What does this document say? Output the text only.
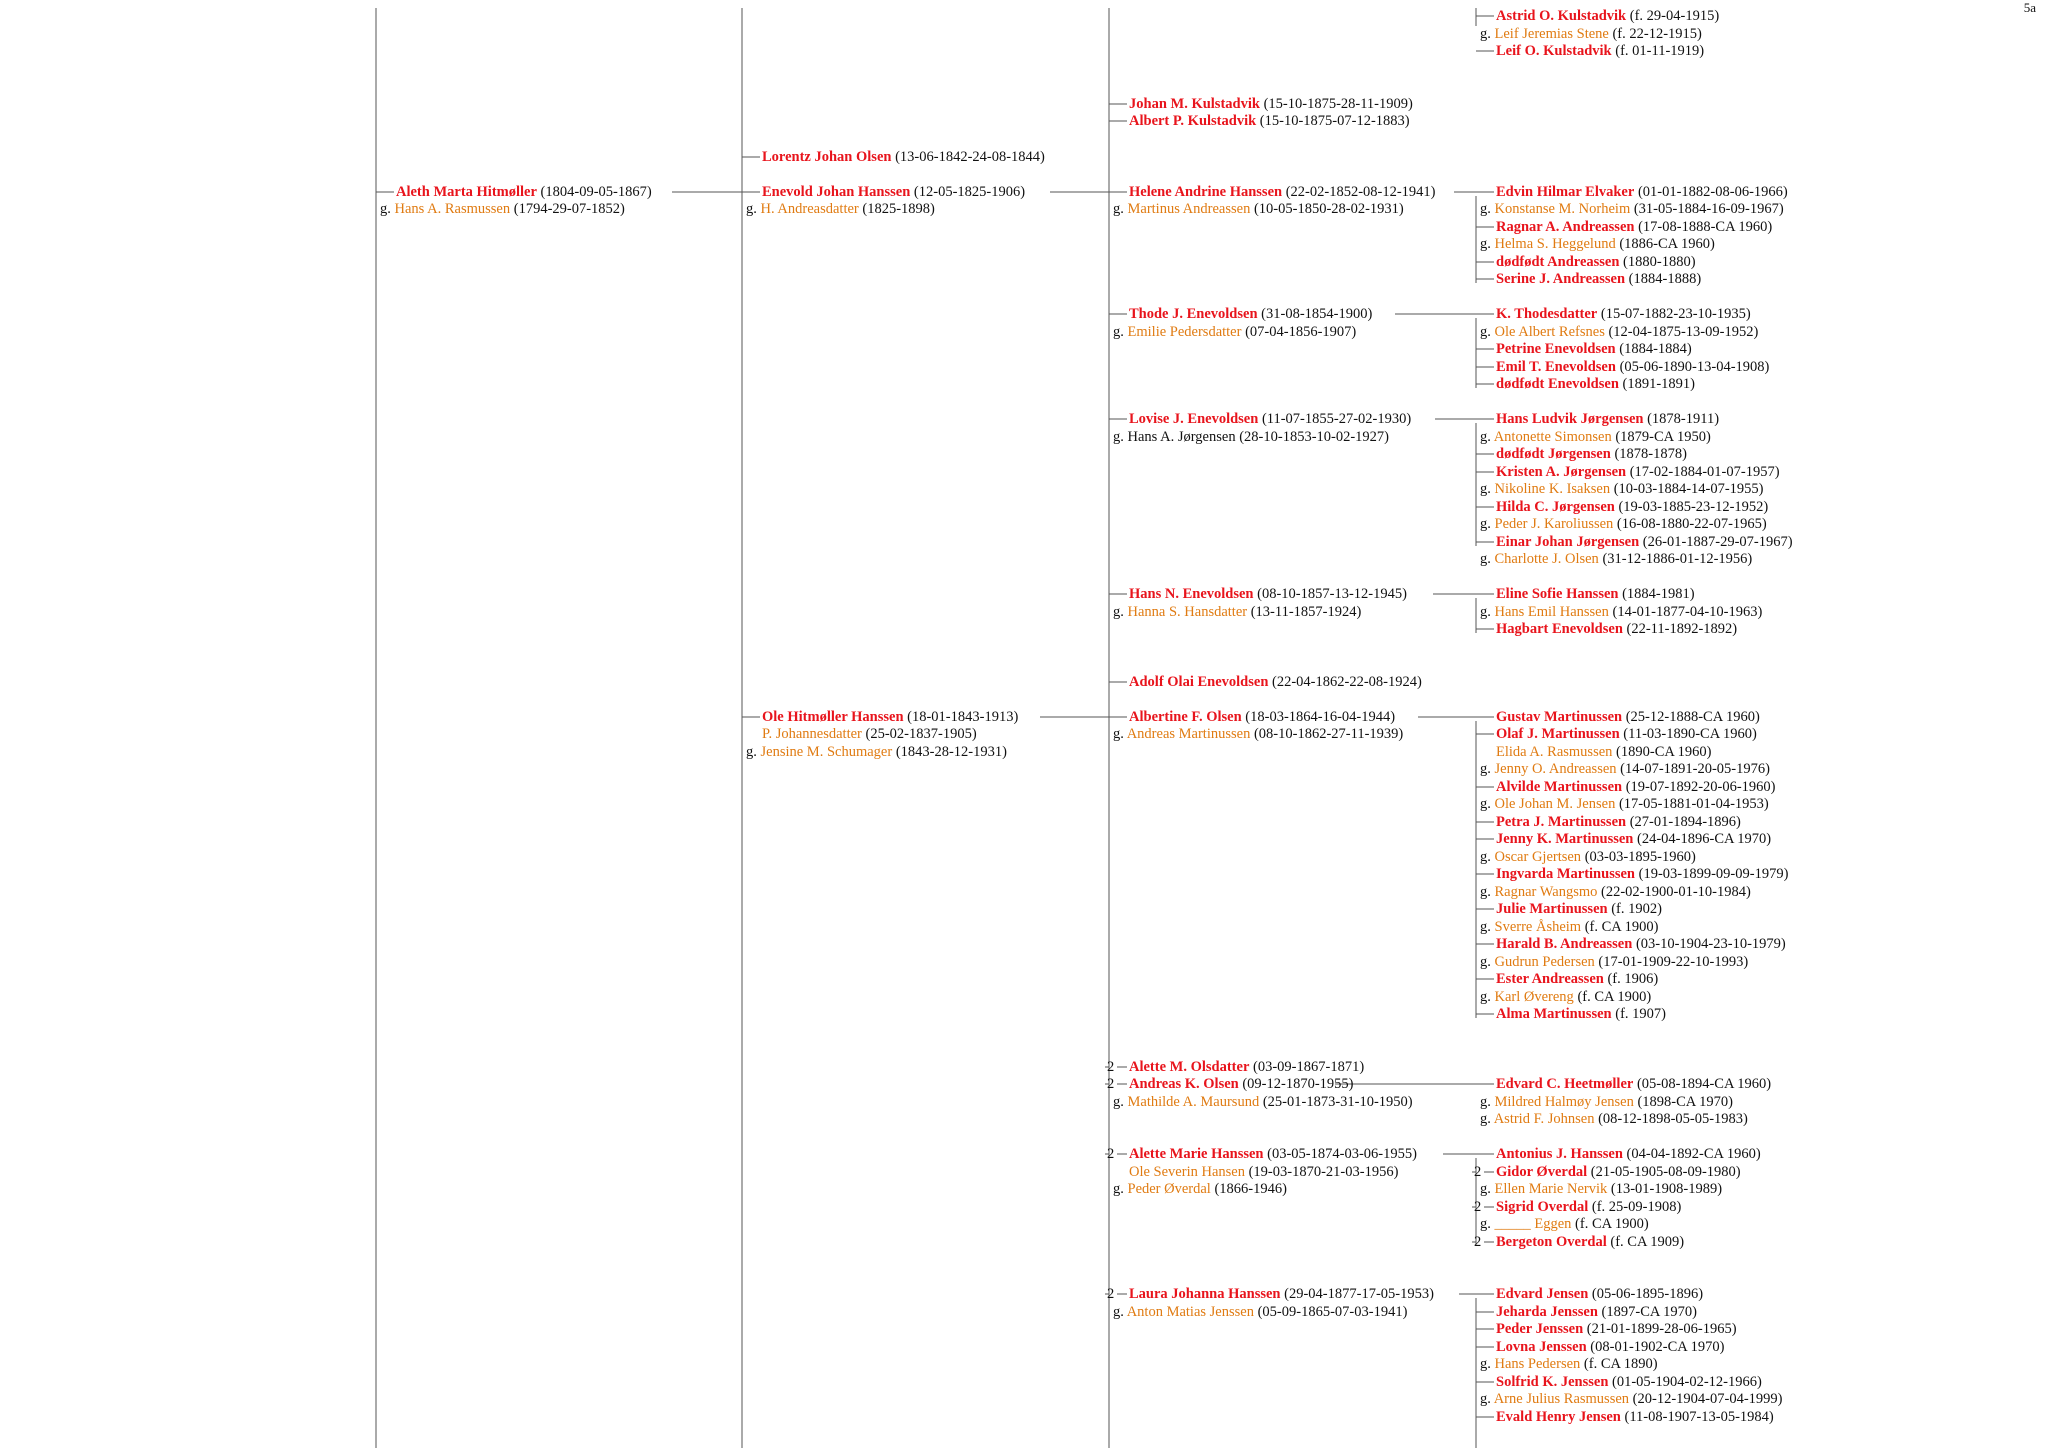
Astrid O. Kulstadvik (f. 29-04-1915)
g. Leif Jeremias Stene (f. 22-12-1915)
Leif O. Kulstadvik (f. 01-11-1919)
Johan M. Kulstadvik (15-10-1875-28-11-1909)
Albert P. Kulstadvik (15-10-1875-07-12-1883)
Lorentz Johan Olsen (13-06-1842-24-08-1844)
Aleth Marta Hitmøller (1804-09-05-1867)
g. Hans A. Rasmussen (1794-29-07-1852)
Enevold Johan Hanssen (12-05-1825-1906)
g. H. Andreasdatter (1825-1898)
Helene Andrine Hanssen (22-02-1852-08-12-1941)
g. Martinus Andreassen (10-05-1850-28-02-1931)
Edvin Hilmar Elvaker (01-01-1882-08-06-1966)
g. Konstanse M. Norheim (31-05-1884-16-09-1967)
Ragnar A. Andreassen (17-08-1888-CA 1960)
g. Helma S. Heggelund (1886-CA 1960)
dødfødt Andreassen (1880-1880)
Serine J. Andreassen (1884-1888)
Thode J. Enevoldsen (31-08-1854-1900)
g. Emilie Pedersdatter (07-04-1856-1907)
K. Thodesdatter (15-07-1882-23-10-1935)
g. Ole Albert Refsnes (12-04-1875-13-09-1952)
Petrine Enevoldsen (1884-1884)
Emil T. Enevoldsen (05-06-1890-13-04-1908)
dødfødt Enevoldsen (1891-1891)
Lovise J. Enevoldsen (11-07-1855-27-02-1930)
g. Hans A. Jørgensen (28-10-1853-10-02-1927)
Hans Ludvik Jørgensen (1878-1911)
g. Antonette Simonsen (1879-CA 1950)
dødfødt Jørgensen (1878-1878)
Kristen A. Jørgensen (17-02-1884-01-07-1957)
g. Nikoline K. Isaksen (10-03-1884-14-07-1955)
Hilda C. Jørgensen (19-03-1885-23-12-1952)
g. Peder J. Karoliussen (16-08-1880-22-07-1965)
Einar Johan Jørgensen (26-01-1887-29-07-1967)
g. Charlotte J. Olsen (31-12-1886-01-12-1956)
Hans N. Enevoldsen (08-10-1857-13-12-1945)
g. Hanna S. Hansdatter (13-11-1857-1924)
Eline Sofie Hanssen (1884-1981)
g. Hans Emil Hanssen (14-01-1877-04-10-1963)
Hagbart Enevoldsen (22-11-1892-1892)
Adolf Olai Enevoldsen (22-04-1862-22-08-1924)
Ole Hitmøller Hanssen (18-01-1843-1913)
P. Johannesdatter (25-02-1837-1905)
g. Jensine M. Schumager (1843-28-12-1931)
Albertine F. Olsen (18-03-1864-16-04-1944)
g. Andreas Martinussen (08-10-1862-27-11-1939)
Gustav Martinussen (25-12-1888-CA 1960)
Olaf J. Martinussen (11-03-1890-CA 1960)
Elida A. Rasmussen (1890-CA 1960)
g. Jenny O. Andreassen (14-07-1891-20-05-1976)
Alvilde Martinussen (19-07-1892-20-06-1960)
g. Ole Johan M. Jensen (17-05-1881-01-04-1953)
Petra J. Martinussen (27-01-1894-1896)
Jenny K. Martinussen (24-04-1896-CA 1970)
g. Oscar Gjertsen (03-03-1895-1960)
Ingvarda Martinussen (19-03-1899-09-09-1979)
g. Ragnar Wangsmo (22-02-1900-01-10-1984)
Julie Martinussen (f. 1902)
g. Sverre Åsheim (f. CA 1900)
Harald B. Andreassen (03-10-1904-23-10-1979)
g. Gudrun Pedersen (17-01-1909-22-10-1993)
Ester Andreassen (f. 1906)
g. Karl Øvereng (f. CA 1900)
Alma Martinussen (f. 1907)
2 Alette M. Olsdatter (03-09-1867-1871)
2 Andreas K. Olsen (09-12-1870-1955)
g. Mathilde A. Maursund (25-01-1873-31-10-1950)
Edvard C. Heetmøller (05-08-1894-CA 1960)
g. Mildred Halmøy Jensen (1898-CA 1970)
g. Astrid F. Johnsen (08-12-1898-05-05-1983)
2 Alette Marie Hanssen (03-05-1874-03-06-1955)
Ole Severin Hansen (19-03-1870-21-03-1956)
g. Peder Øverdal (1866-1946)
Antonius J. Hanssen (04-04-1892-CA 1960)
2 Gidor Øverdal (21-05-1905-08-09-1980)
g. Ellen Marie Nervik (13-01-1908-1989)
2 Sigrid Overdal (f. 25-09-1908)
g. _____ Eggen (f. CA 1900)
2 Bergeton Overdal (f. CA 1909)
2 Laura Johanna Hanssen (29-04-1877-17-05-1953)
g. Anton Matias Jenssen (05-09-1865-07-03-1941)
Edvard Jensen (05-06-1895-1896)
Jeharda Jenssen (1897-CA 1970)
Peder Jenssen (21-01-1899-28-06-1965)
Lovna Jenssen (08-01-1902-CA 1970)
g. Hans Pedersen (f. CA 1890)
Solfrid K. Jenssen (01-05-1904-02-12-1966)
g. Arne Julius Rasmussen (20-12-1904-07-04-1999)
Evald Henry Jensen (11-08-1907-13-05-1984)
5a
